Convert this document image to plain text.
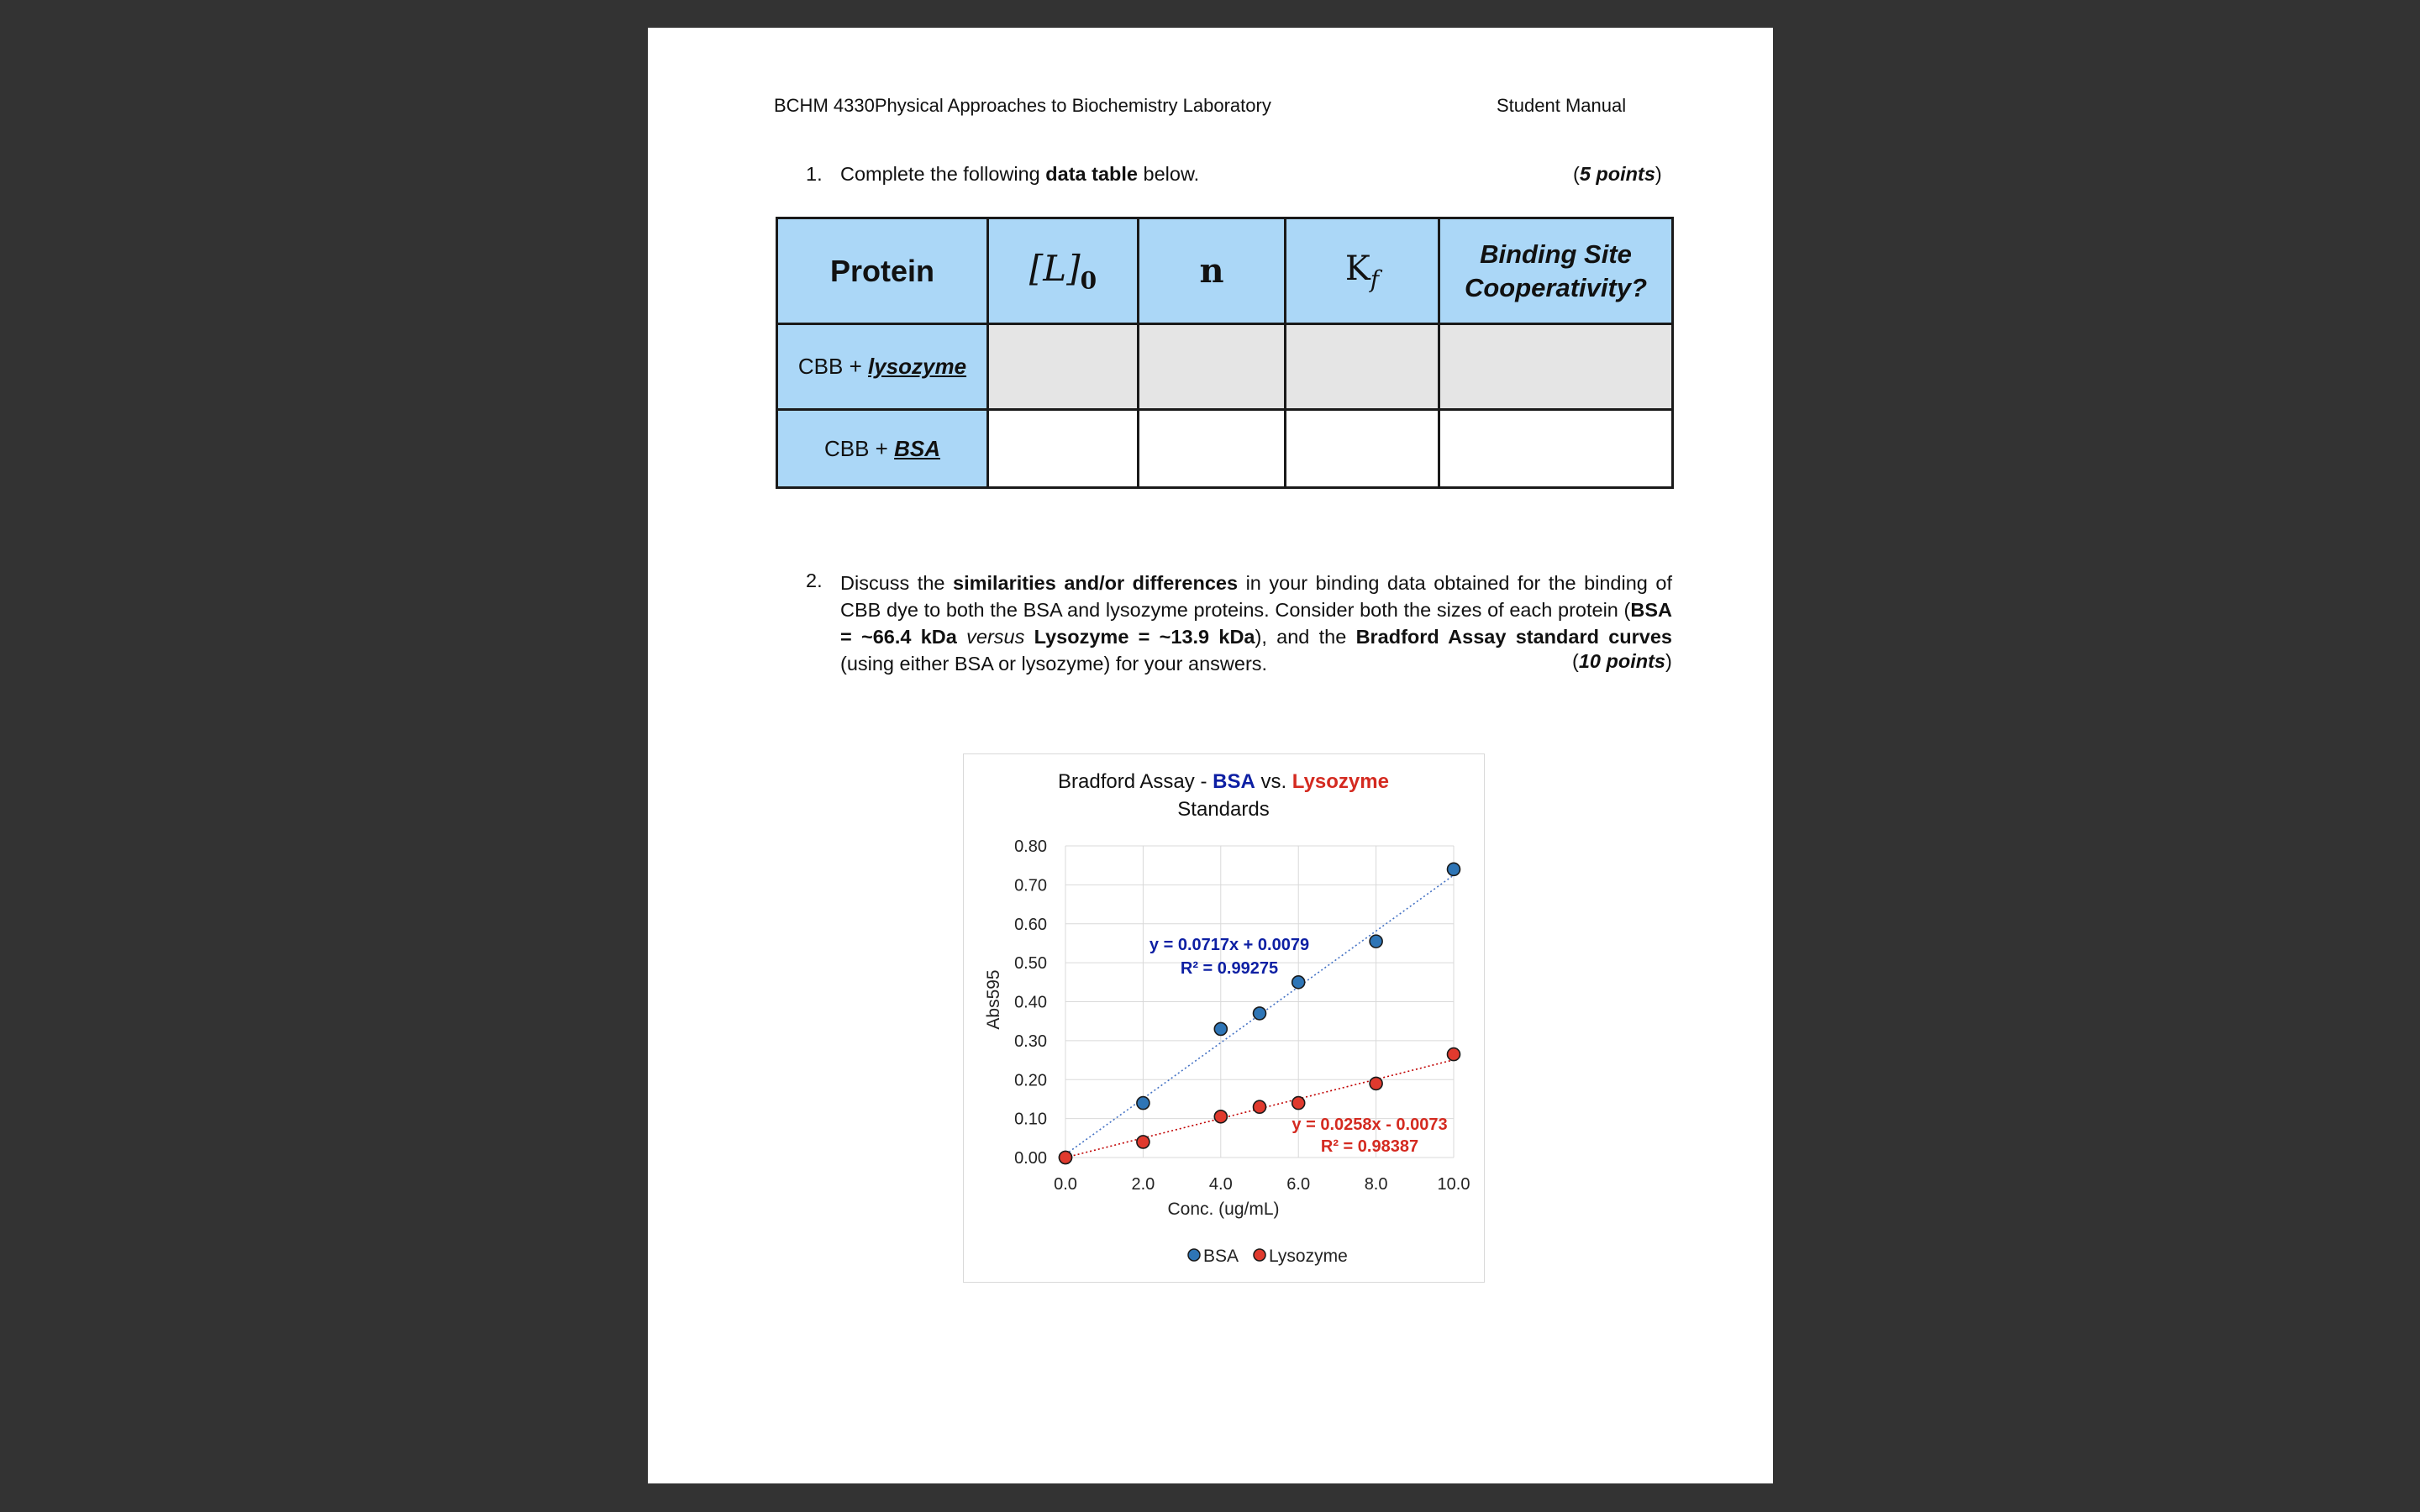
BCHM 4330Physical Approaches to Biochemistry Laboratory	Student Manual
1. Complete the following data table below.	(5 points)
Protein	$[L]_0$	n	$K_f$	Binding Site
Cooperativity?

CBB + lysozyme				
CBB + BSA				
2. Discuss the similarities and/or differences in your binding data obtained for the binding of CBB dye to both the BSA and lysozyme proteins. Consider both the sizes of each protein (BSA = ~66.4 kDa versus Lysozyme = ~13.9 kDa), and the Bradford Assay standard curves (using either BSA or lysozyme) for your answers.	(10 points)
Bradford Assay - BSA vs. Lysozyme
Standards
0.00
0.10
0.20
0.30
0.40
0.50
0.60
0.70
0.80
0.0	2.0	4.0	6.0	8.0	10.0
y = 0.0717x + 0.0079
R² = 0.99275
y = 0.0258x - 0.0073
R² = 0.98387
Conc. (ug/mL)
Abs595
BSA Lysozyme
